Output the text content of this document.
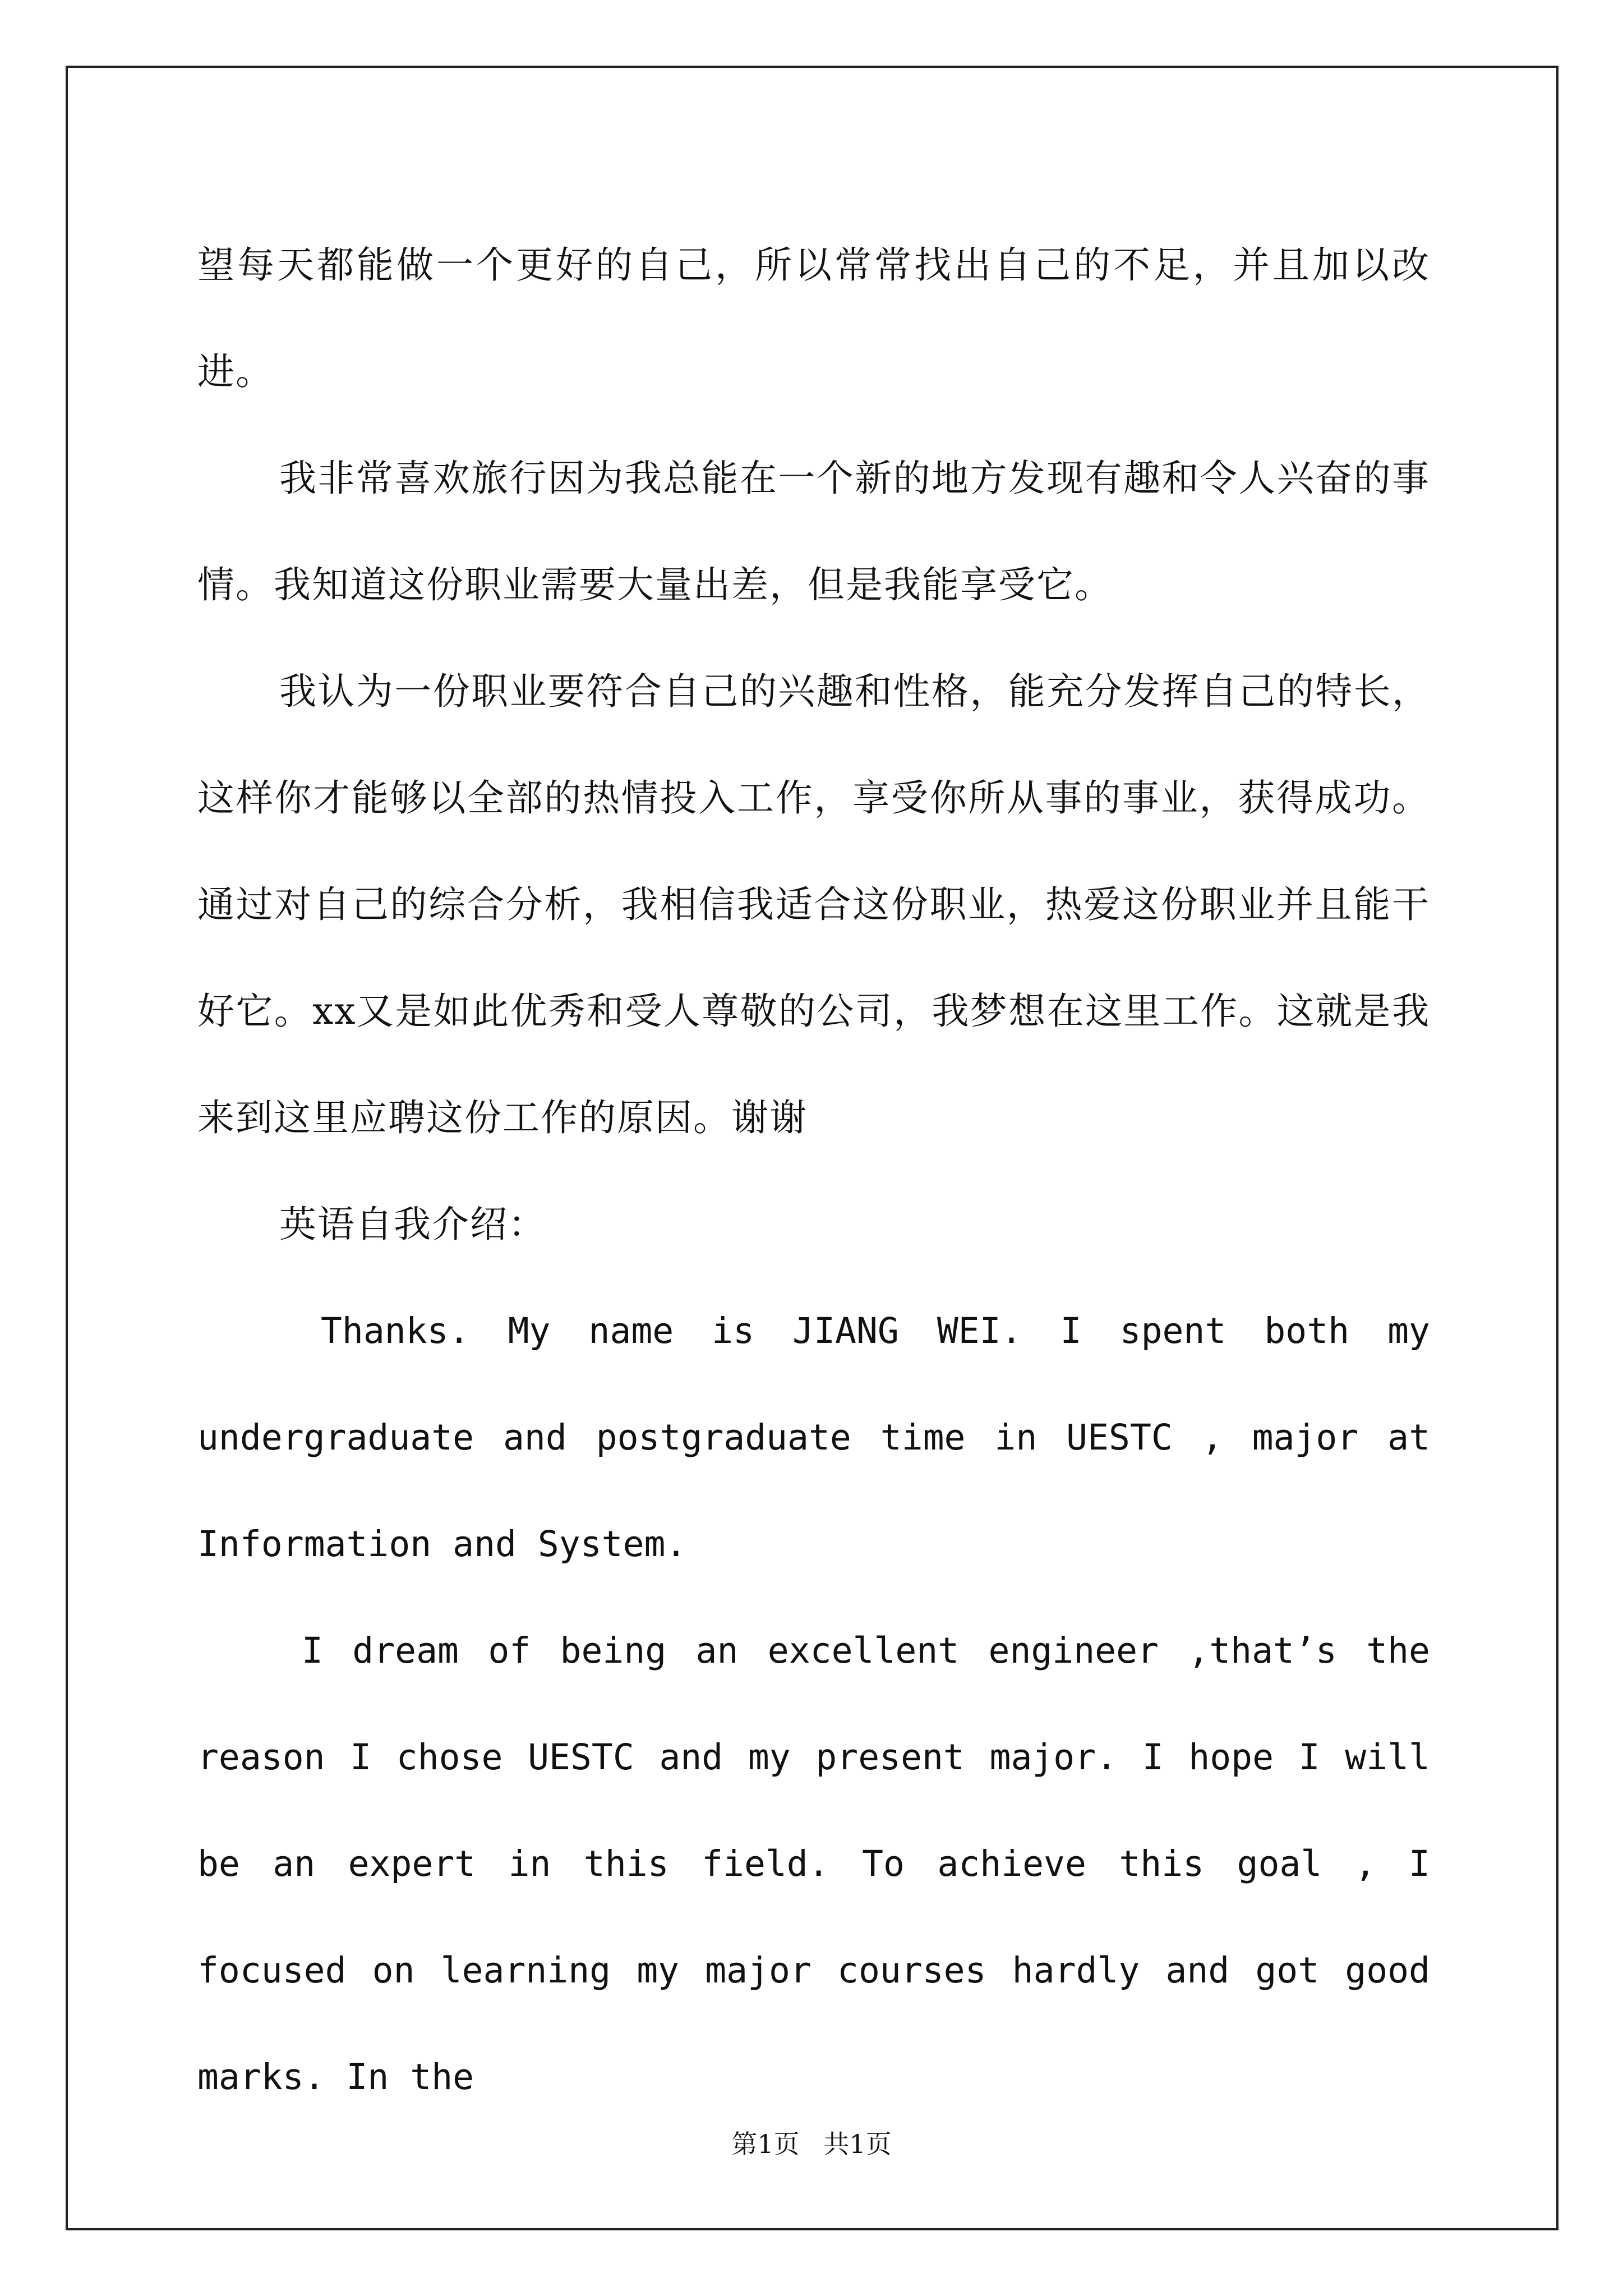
望每天都能做一个更好的自己，所以常常找出自己的不足，并且加以改进。

我非常喜欢旅行因为我总能在一个新的地方发现有趣和令人兴奋的事情。我知道这份职业需要大量出差，但是我能享受它。

我认为一份职业要符合自己的兴趣和性格，能充分发挥自己的特长，这样你才能够以全部的热情投入工作，享受你所从事的事业，获得成功。通过对自己的综合分析，我相信我适合这份职业，热爱这份职业并且能干好它。xx又是如此优秀和受人尊敬的公司，我梦想在这里工作。这就是我来到这里应聘这份工作的原因。谢谢

英语自我介绍：

Thanks. My name is JIANG WEI. I spent both my undergraduate and postgraduate time in UESTC , major at Information and System.

I dream of being an excellent engineer ,that’s the reason I chose UESTC and my present major. I hope I will be an expert in this field. To achieve this goal , I focused on learning my major courses hardly and got good marks. In the

第1页 共1页
